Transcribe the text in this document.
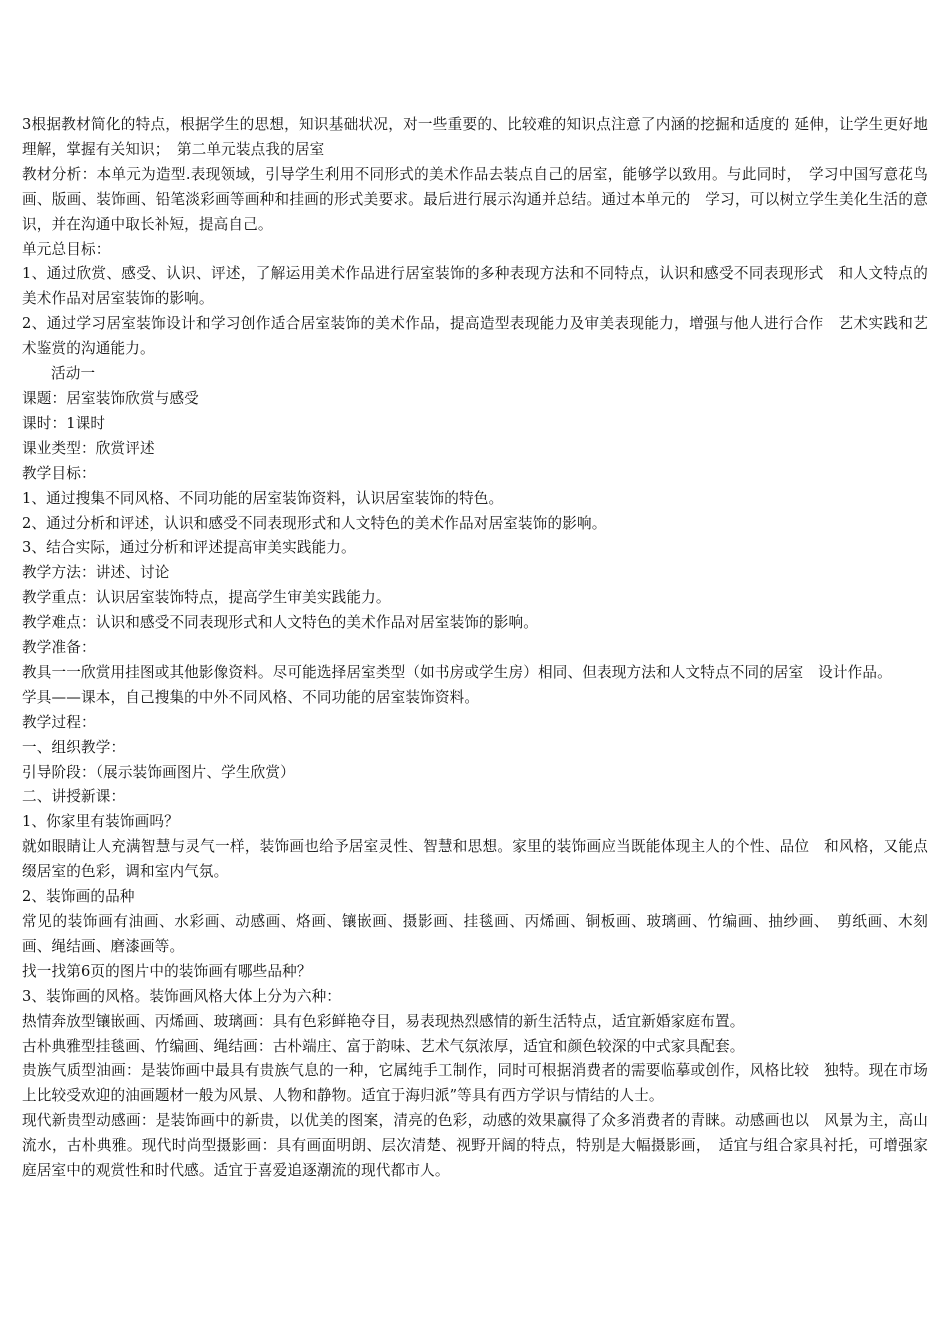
3根据教材简化的特点，根据学生的思想，知识基础状况，对一些重要的、比较难的知识点注意了内涵的挖掘和适度的 延伸，让学生更好地理解，掌握有关知识；　第二单元装点我的居室

教材分析：本单元为造型.表现领域，引导学生利用不同形式的美术作品去装点自己的居室，能够学以致用。与此同时，　学习中国写意花鸟画、版画、装饰画、铅笔淡彩画等画种和挂画的形式美要求。最后进行展示沟通并总结。通过本单元的　学习，可以树立学生美化生活的意识，并在沟通中取长补短，提高自己。

单元总目标：

1、通过欣赏、感受、认识、评述，了解运用美术作品进行居室装饰的多种表现方法和不同特点，认识和感受不同表现形式　和人文特点的美术作品对居室装饰的影响。

2、通过学习居室装饰设计和学习创作适合居室装饰的美术作品，提高造型表现能力及审美表现能力，增强与他人进行合作　艺术实践和艺术鉴赏的沟通能力。

活动一

课题：居室装饰欣赏与感受

课时：1课时

课业类型：欣赏评述

教学目标：

1、通过搜集不同风格、不同功能的居室装饰资料，认识居室装饰的特色。

2、通过分析和评述，认识和感受不同表现形式和人文特色的美术作品对居室装饰的影响。

3、结合实际，通过分析和评述提高审美实践能力。

教学方法：讲述、讨论

教学重点：认识居室装饰特点，提高学生审美实践能力。

教学难点：认识和感受不同表现形式和人文特色的美术作品对居室装饰的影响。

教学准备：

教具一一欣赏用挂图或其他影像资料。尽可能选择居室类型（如书房或学生房）相同、但表现方法和人文特点不同的居室　设计作品。

学具——课本，自己搜集的中外不同风格、不同功能的居室装饰资料。

教学过程：

一、组织教学：

引导阶段：（展示装饰画图片、学生欣赏）

二、讲授新课：

1、你家里有装饰画吗？

就如眼睛让人充满智慧与灵气一样，装饰画也给予居室灵性、智慧和思想。家里的装饰画应当既能体现主人的个性、品位　和风格，又能点缀居室的色彩，调和室内气氛。

2、装饰画的品种

常见的装饰画有油画、水彩画、动感画、烙画、镶嵌画、摄影画、挂毯画、丙烯画、铜板画、玻璃画、竹编画、抽纱画、　剪纸画、木刻画、绳结画、磨漆画等。

找一找第6页的图片中的装饰画有哪些品种？

3、装饰画的风格。装饰画风格大体上分为六种：

热情奔放型镶嵌画、丙烯画、玻璃画：具有色彩鲜艳夺目，易表现热烈感情的新生活特点，适宜新婚家庭布置。

古朴典雅型挂毯画、竹编画、绳结画：古朴端庄、富于韵味、艺术气氛浓厚，适宜和颜色较深的中式家具配套。

贵族气质型油画：是装饰画中最具有贵族气息的一种，它属纯手工制作，同时可根据消费者的需要临摹或创作，风格比较　独特。现在市场上比较受欢迎的油画题材一般为风景、人物和静物。适宜于海归派”等具有西方学识与情结的人士。

现代新贵型动感画：是装饰画中的新贵，以优美的图案，清亮的色彩，动感的效果赢得了众多消费者的青睐。动感画也以　风景为主，高山流水，古朴典雅。现代时尚型摄影画：具有画面明朗、层次清楚、视野开阔的特点，特别是大幅摄影画，　适宜与组合家具衬托，可增强家庭居室中的观赏性和时代感。适宜于喜爱追逐潮流的现代都市人。
